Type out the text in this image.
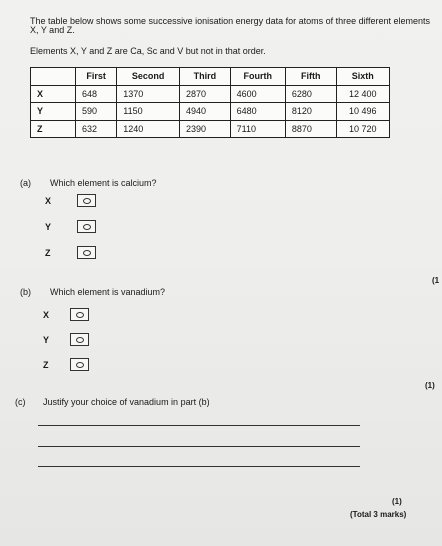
The table below shows some successive ionisation energy data for atoms of three different elements X, Y and Z.
Elements X, Y and Z are Ca, Sc and V but not in that order.
	First	Second	Third	Fourth	Fifth	Sixth
X	648	1370	2870	4600	6280	12 400
Y	590	1150	4940	6480	8120	10 496
Z	632	1240	2390	7110	8870	10 720
(a) Which element is calcium?
X
Y
Z
(1
(b) Which element is vanadium?
X
Y
Z
(1)
(c) Justify your choice of vanadium in part (b)
(1)
(Total 3 marks)
